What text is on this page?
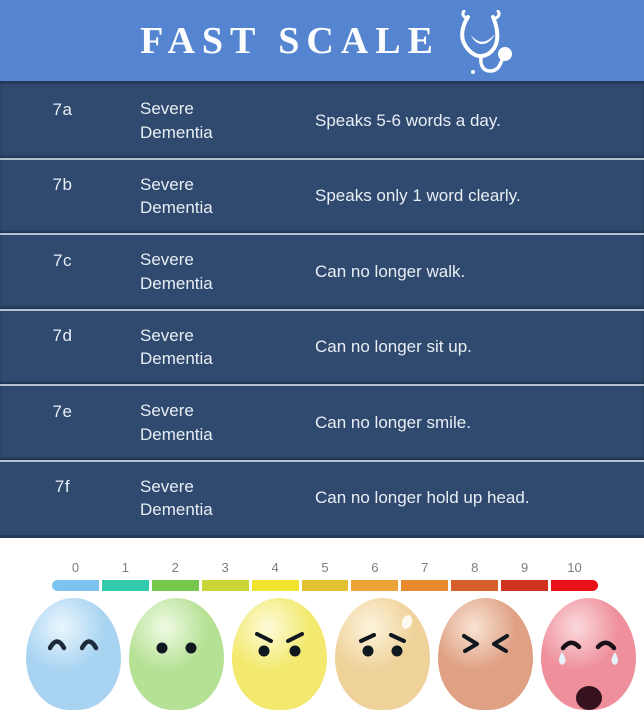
FAST SCALE
7a	Severe Dementia
Speaks 5-6 words a day.
7b	Severe Dementia
Speaks only 1 word clearly.
7c	Severe Dementia
Can no longer walk.
7d	Severe Dementia
Can no longer sit up.
7e	Severe Dementia
Can no longer smile.
7f	Severe Dementia
Can no longer hold up head.
0	1	2	3	4	5	6	7	8	9	10
